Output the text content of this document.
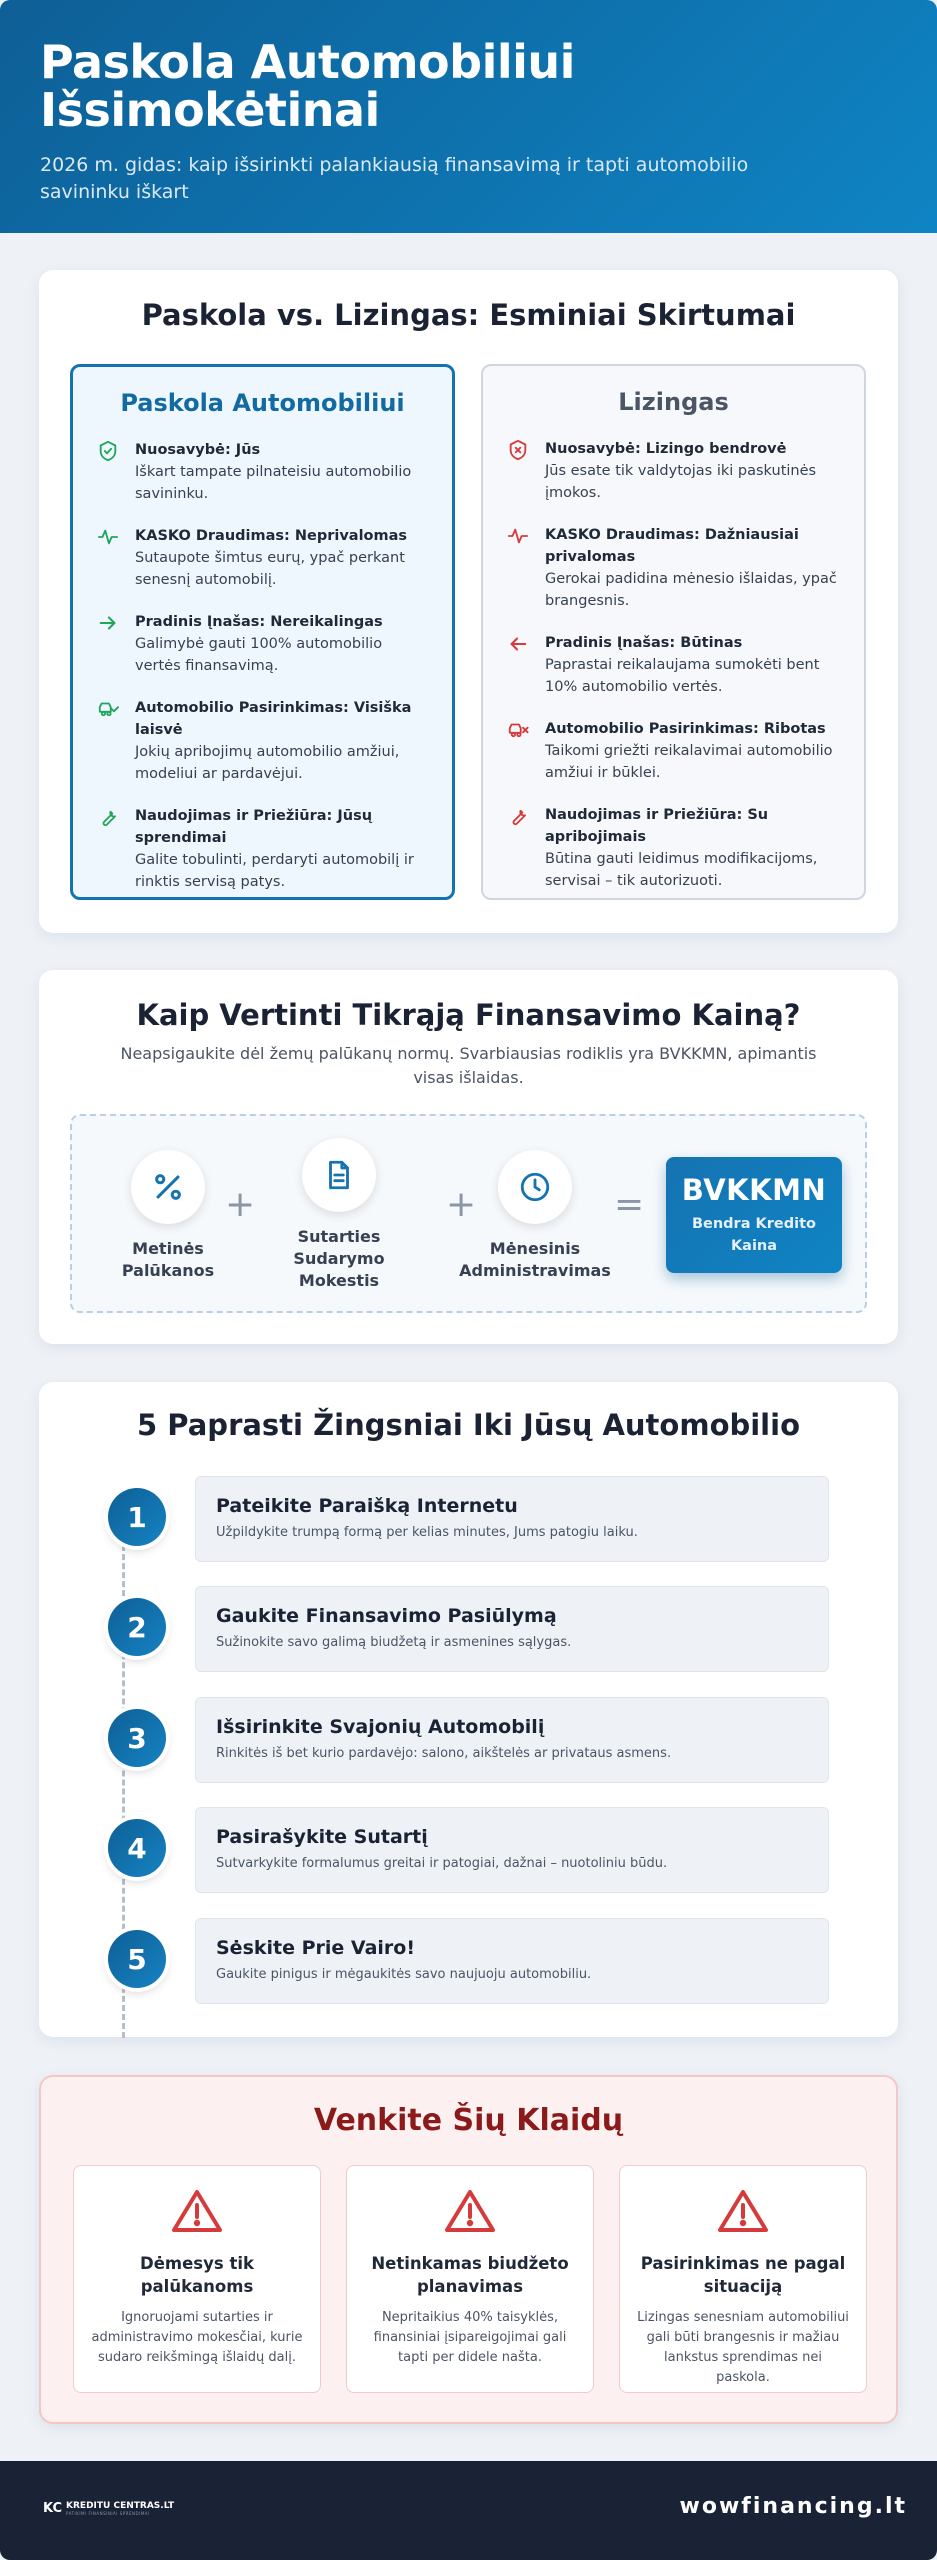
Paskola Automobiliui
Išsimokėtinai

2026 m. gidas: kaip išsirinkti palankiausią finansavimą ir tapti automobilio savininku iškart

Paskola vs. Lizingas: Esminiai Skirtumai
Paskola Automobiliui
Nuosavybė: Jūs
Iškart tampate pilnateisiu automobilio savininku.
KASKO Draudimas: Neprivalomas
Sutaupote šimtus eurų, ypač perkant senesnį automobilį.
Pradinis Įnašas: Nereikalingas
Galimybė gauti 100% automobilio vertės finansavimą.
Automobilio Pasirinkimas: Visiška laisvė
Jokių apribojimų automobilio amžiui, modeliui ar pardavėjui.
Naudojimas ir Priežiūra: Jūsų sprendimai
Galite tobulinti, perdaryti automobilį ir rinktis servisą patys.
Lizingas
Nuosavybė: Lizingo bendrovė
Jūs esate tik valdytojas iki paskutinės įmokos.
KASKO Draudimas: Dažniausiai privalomas
Gerokai padidina mėnesio išlaidas, ypač brangesnis.
Pradinis Įnašas: Būtinas
Paprastai reikalaujama sumokėti bent 10% automobilio vertės.
Automobilio Pasirinkimas: Ribotas
Taikomi griežti reikalavimai automobilio amžiui ir būklei.
Naudojimas ir Priežiūra: Su apribojimais
Būtina gauti leidimus modifikacijoms, servisai – tik autorizuoti.
Kaip Vertinti Tikrąją Finansavimo Kainą?

Neapsigaukite dėl žemų palūkanų normų. Svarbiausias rodiklis yra BVKKMN, apimantis visas išlaidas.

Metinės
Palūkanos
+
Sutarties
Sudarymo
Mokestis
+
Mėnesinis
Administravimas
=	BVKKMN
Bendra Kredito
Kaina
5 Paprasti Žingsniai Iki Jūsų Automobilio
1	Pateikite Paraišką Internetu
Užpildykite trumpą formą per kelias minutes, Jums patogiu laiku.
2	Gaukite Finansavimo Pasiūlymą
Sužinokite savo galimą biudžetą ir asmenines sąlygas.
3	Išsirinkite Svajonių Automobilį
Rinkitės iš bet kurio pardavėjo: salono, aikštelės ar privataus asmens.
4	Pasirašykite Sutartį
Sutvarkykite formalumus greitai ir patogiai, dažnai – nuotoliniu būdu.
5	Sėskite Prie Vairo!
Gaukite pinigus ir mėgaukitės savo naujuoju automobiliu.
Venkite Šių Klaidų
Dėmesys tik
palūkanoms
Ignoruojami sutarties ir administravimo mokesčiai, kurie sudaro reikšmingą išlaidų dalį.
Netinkamas biudžeto
planavimas
Nepritaikius 40% taisyklės, finansiniai įsipareigojimai gali tapti per didele našta.
Pasirinkimas ne pagal
situaciją
Lizingas senesniam automobiliui gali būti brangesnis ir mažiau lankstus sprendimas nei paskola.
KC KREDITU CENTRAS.LT
PATIKIMI FINANSINIAI SPRENDIMAI	wowfinancing.lt
